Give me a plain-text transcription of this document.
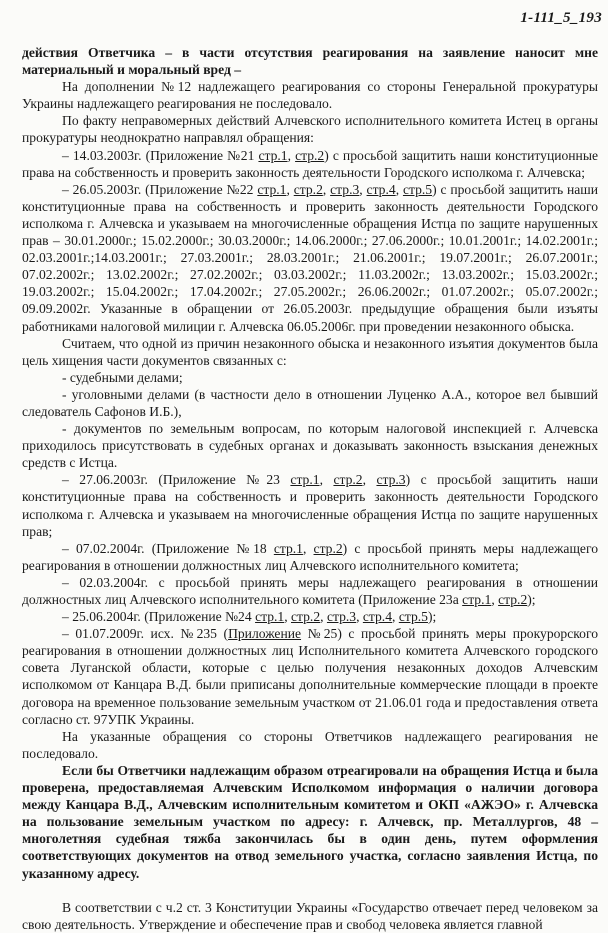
1-111_5_193

действия Ответчика – в части отсутствия реагирования на заявление наносит мне материальный и моральный вред –

На дополнении №12 надлежащего реагирования со стороны Генеральной прокуратуры Украины надлежащего реагирования не последовало.

По факту неправомерных действий Алчевского исполнительного комитета Истец в органы прокуратуры неоднократно направлял обращения:

– 14.03.2003г. (Приложение №21 стр.1, стр.2) с просьбой защитить наши конституционные права на собственность и проверить законность деятельности Городского исполкома г. Алчевска;

– 26.05.2003г. (Приложение №22 стр.1, стр.2, стр.3, стр.4, стр.5) с просьбой защитить наши конституционные права на собственность и проверить законность деятельности Городского исполкома г. Алчевска и указываем на многочисленные обращения Истца по защите нарушенных прав – 30.01.2000г.; 15.02.2000г.; 30.03.2000г.; 14.06.2000г.; 27.06.2000г.; 10.01.2001г.; 14.02.2001г.; 02.03.2001г.;14.03.2001г.; 27.03.2001г.; 28.03.2001г.; 21.06.2001г.; 19.07.2001г.; 26.07.2001г.; 07.02.2002г.; 13.02.2002г.; 27.02.2002г.; 03.03.2002г.; 11.03.2002г.; 13.03.2002г.; 15.03.2002г.; 19.03.2002г.; 15.04.2002г.; 17.04.2002г.; 27.05.2002г.; 26.06.2002г.; 01.07.2002г.; 05.07.2002г.; 09.09.2002г. Указанные в обращении от 26.05.2003г. предыдущие обращения были изъяты работниками налоговой милиции г. Алчевска 06.05.2006г. при проведении незаконного обыска.

Считаем, что одной из причин незаконного обыска и незаконного изъятия документов была цель хищения части документов связанных с:

- судебными делами;

- уголовными делами (в частности дело в отношении Луценко А.А., которое вел бывший следователь Сафонов И.Б.),

- документов по земельным вопросам, по которым налоговой инспекцией г. Алчевска приходилось присутствовать в судебных органах и доказывать законность взыскания денежных средств с Истца.

– 27.06.2003г. (Приложение №23 стр.1, стр.2, стр.3) с просьбой защитить наши конституционные права на собственность и проверить законность деятельности Городского исполкома г. Алчевска и указываем на многочисленные обращения Истца по защите нарушенных прав;

– 07.02.2004г. (Приложение №18 стр.1, стр.2) с просьбой принять меры надлежащего реагирования в отношении должностных лиц Алчевского исполнительного комитета;

– 02.03.2004г. с просьбой принять меры надлежащего реагирования в отношении должностных лиц Алчевского исполнительного комитета (Приложение 23а стр.1, стр.2);

– 25.06.2004г. (Приложение №24 стр.1, стр.2, стр.3, стр.4, стр.5);

– 01.07.2009г. исх. №235 (Приложение №25) с просьбой принять меры прокурорского реагирования в отношении должностных лиц Исполнительного комитета Алчевского городского совета Луганской области, которые с целью получения незаконных доходов Алчевским исполкомом от Канцара В.Д. были приписаны дополнительные коммерческие площади в проекте договора на временное пользование земельным участком от 21.06.01 года и предоставления ответа согласно ст. 97УПК Украины.

На указанные обращения со стороны Ответчиков надлежащего реагирования не последовало.

Если бы Ответчики надлежащим образом отреагировали на обращения Истца и была проверена, предоставляемая Алчевским Исполкомом информация о наличии договора между Канцара В.Д., Алчевским исполнительным комитетом и ОКП «АЖЭО» г. Алчевска на пользование земельным участком по адресу: г. Алчевск, пр. Металлургов, 48 – многолетняя судебная тяжба закончилась бы в один день, путем оформления соответствующих документов на отвод земельного участка, согласно заявления Истца, по указанному адресу.

В соответствии с ч.2 ст. 3 Конституции Украины «Государство отвечает перед человеком за свою деятельность. Утверждение и обеспечение прав и свобод человека является главной
